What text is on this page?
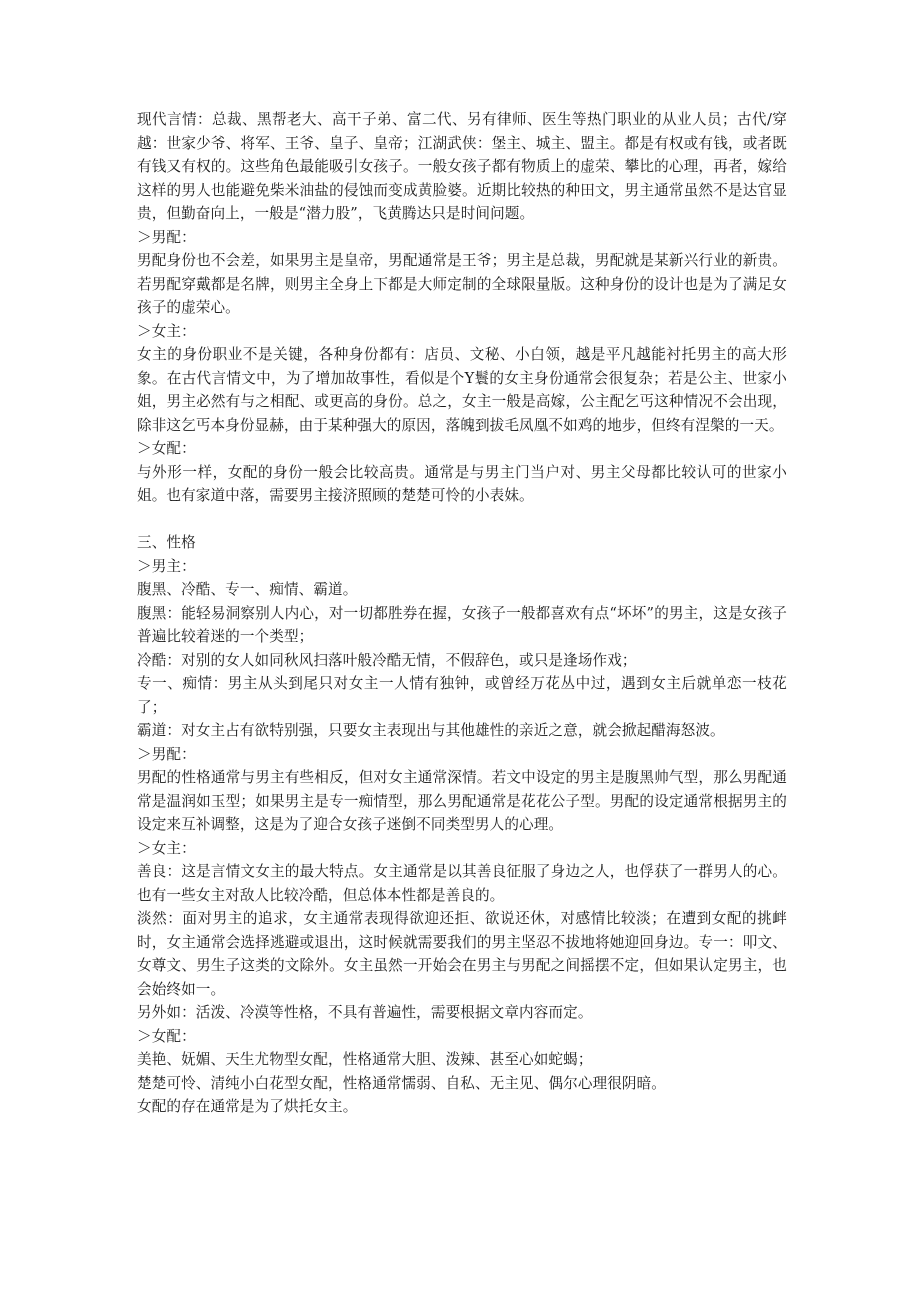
现代言情：总裁、黑帮老大、高干子弟、富二代、另有律师、医生等热门职业的从业人员；古代/穿越：世家少爷、将军、王爷、皇子、皇帝；江湖武侠：堡主、城主、盟主。都是有权或有钱，或者既有钱又有权的。这些角色最能吸引女孩子。一般女孩子都有物质上的虚荣、攀比的心理，再者，嫁给这样的男人也能避免柴米油盐的侵蚀而变成黄脸婆。近期比较热的种田文，男主通常虽然不是达官显贵，但勤奋向上，一般是“潜力股”，飞黄腾达只是时间问题。

＞男配：

男配身份也不会差，如果男主是皇帝，男配通常是王爷；男主是总裁，男配就是某新兴行业的新贵。若男配穿戴都是名牌，则男主全身上下都是大师定制的全球限量版。这种身份的设计也是为了满足女孩子的虚荣心。

＞女主：

女主的身份职业不是关键，各种身份都有：店员、文秘、小白领，越是平凡越能衬托男主的高大形象。在古代言情文中，为了增加故事性，看似是个Y鬟的女主身份通常会很复杂；若是公主、世家小姐，男主必然有与之相配、或更高的身份。总之，女主一般是高嫁，公主配乞丐这种情况不会出现，除非这乞丐本身份显赫，由于某种强大的原因，落魄到拔毛凤凰不如鸡的地步，但终有涅槃的一天。

＞女配：

与外形一样，女配的身份一般会比较高贵。通常是与男主门当户对、男主父母都比较认可的世家小姐。也有家道中落，需要男主接济照顾的楚楚可怜的小表妹。

三、性格

＞男主：

腹黑、冷酷、专一、痴情、霸道。

腹黑：能轻易洞察别人内心，对一切都胜券在握，女孩子一般都喜欢有点“坏坏”的男主，这是女孩子普遍比较着迷的一个类型；

冷酷：对别的女人如同秋风扫落叶般冷酷无情，不假辞色，或只是逢场作戏；

专一、痴情：男主从头到尾只对女主一人情有独钟，或曾经万花丛中过，遇到女主后就单恋一枝花了；

霸道：对女主占有欲特别强，只要女主表现出与其他雄性的亲近之意，就会掀起醋海怒波。

＞男配：

男配的性格通常与男主有些相反，但对女主通常深情。若文中设定的男主是腹黑帅气型，那么男配通常是温润如玉型；如果男主是专一痴情型，那么男配通常是花花公子型。男配的设定通常根据男主的设定来互补调整，这是为了迎合女孩子迷倒不同类型男人的心理。

＞女主：

善良：这是言情文女主的最大特点。女主通常是以其善良征服了身边之人，也俘获了一群男人的心。也有一些女主对敌人比较冷酷，但总体本性都是善良的。

淡然：面对男主的追求，女主通常表现得欲迎还拒、欲说还休，对感情比较淡；在遭到女配的挑衅时，女主通常会选择逃避或退出，这时候就需要我们的男主坚忍不拔地将她迎回身边。专一：叩文、女尊文、男生子这类的文除外。女主虽然一开始会在男主与男配之间摇摆不定，但如果认定男主，也会始终如一。

另外如：活泼、冷漠等性格，不具有普遍性，需要根据文章内容而定。

＞女配：

美艳、妩媚、天生尤物型女配，性格通常大胆、泼辣、甚至心如蛇蝎；

楚楚可怜、清纯小白花型女配，性格通常懦弱、自私、无主见、偶尔心理很阴暗。

女配的存在通常是为了烘托女主。
